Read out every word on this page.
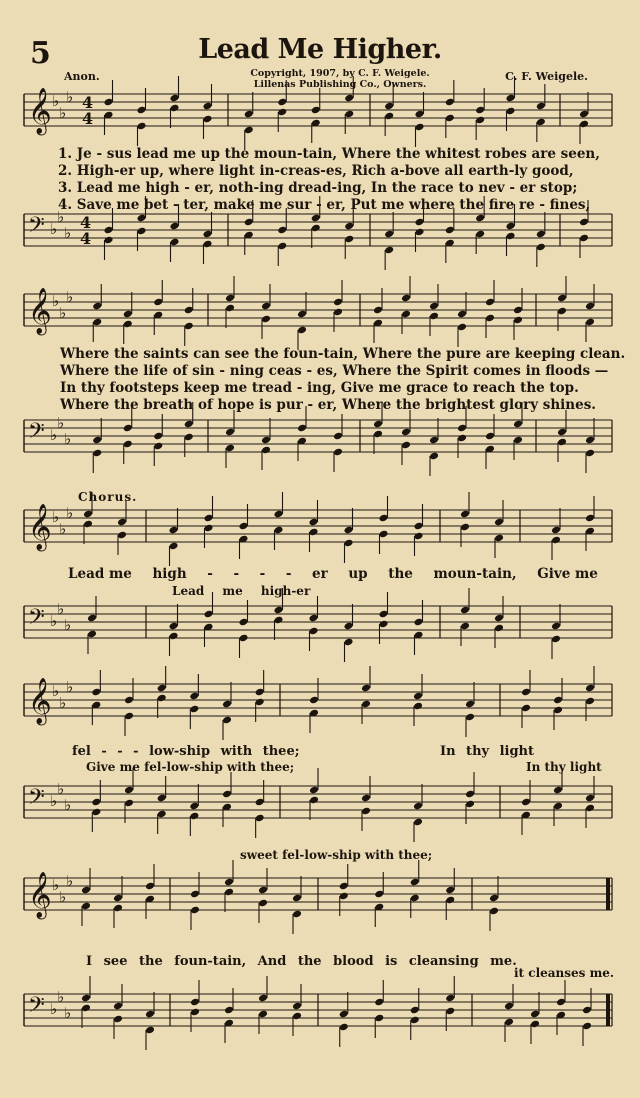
5	Lead Me Higher.
Anon.	Copyright, 1907, by C. F. Weigele.
Lillenas Publishing Co., Owners.
C. F. Weigele.
𝄞 ♭
♭
♭ 4
4
𝄢 ♭
♭
♭
4
4
𝄞 ♭
♭
♭
𝄢 ♭
♭
♭
𝄞 ♭
♭
♭
𝄢 ♭
♭
♭
𝄞 ♭
♭
♭
𝄢 ♭
♭
♭
𝄞 ♭
♭
♭
𝄢 ♭
♭
♭
1. Je - sus lead me up the moun-tain, Where the whitest robes are seen,
2. High-er up, where light in-creas-es, Rich a-bove all earth-ly good,
3. Lead me high - er, noth-ing dread-ing, In the race to nev - er stop;
4. Save me bet - ter, make me sur - er, Put me where the fire re - fines,
Where the saints can see the foun-tain, Where the pure are keeping clean.
Where the life of sin - ning ceas - es, Where the Spirit comes in floods —
In thy footsteps keep me tread - ing, Give me grace to reach the top.
Where the breath of hope is pur - er, Where the brightest glory shines.
Chorus.
Lead me high - - - - er up the moun-tain, Give me
Lead me high-er
fel - - - low-ship with thee;	In thy light
Give me fel-low-ship with thee;	In thy light
sweet fel-low-ship with thee;
I see the foun-tain, And the blood is cleansing me.
it cleanses me.
